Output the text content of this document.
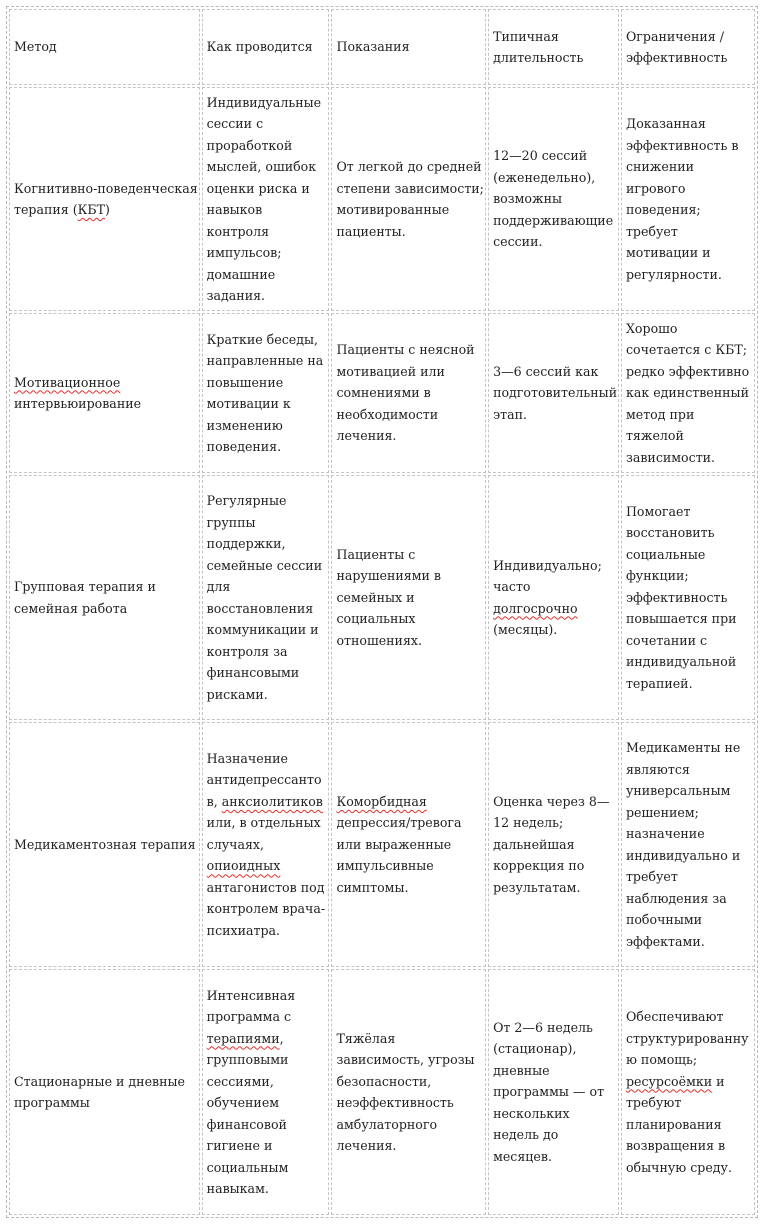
Метод	Как проводится	Показания	Типичная длительность	Ограничения / эффективность
Когнитивно-поведенческая терапия (КБТ)	Индивидуальные сессии с проработкой мыслей, ошибок оценки риска и навыков контроля импульсов; домашние задания.	От легкой до средней степени зависимости; мотивированные пациенты.	12—20 сессий (еженедельно), возможны поддерживающие сессии.	Доказанная эффективность в снижении игрового поведения; требует мотивации и регулярности.
Мотивационное интервьюирование	Краткие беседы, направленные на повышение мотивации к изменению поведения.	Пациенты с неясной мотивацией или сомнениями в необходимости лечения.	3—6 сессий как подготовительный этап.	Хорошо сочетается с КБТ; редко эффективно как единственный метод при тяжелой зависимости.
Групповая терапия и семейная работа	Регулярные группы поддержки, семейные сессии для восстановления коммуникации и контроля за финансовыми рисками.	Пациенты с нарушениями в семейных и социальных отношениях.	Индивидуально; часто долгосрочно (месяцы).	Помогает восстановить социальные функции; эффективность повышается при сочетании с индивидуальной терапией.
Медикаментозная терапия	Назначение антидепрессантов, анксиолитиков или, в отдельных случаях, опиоидных антагонистов под контролем врача-психиатра.	Коморбидная депрессия/тревога или выраженные импульсивные симптомы.	Оценка через 8—12 недель; дальнейшая коррекция по результатам.	Медикаменты не являются универсальным решением; назначение индивидуально и требует наблюдения за побочными эффектами.
Стационарные и дневные программы	Интенсивная программа с терапиями, групповыми сессиями, обучением финансовой гигиене и социальным навыкам.	Тяжёлая зависимость, угрозы безопасности, неэффективность амбулаторного лечения.	От 2—6 недель (стационар), дневные программы — от нескольких недель до месяцев.	Обеспечивают структурированную помощь; ресурсоёмки и требуют планирования возвращения в обычную среду.
